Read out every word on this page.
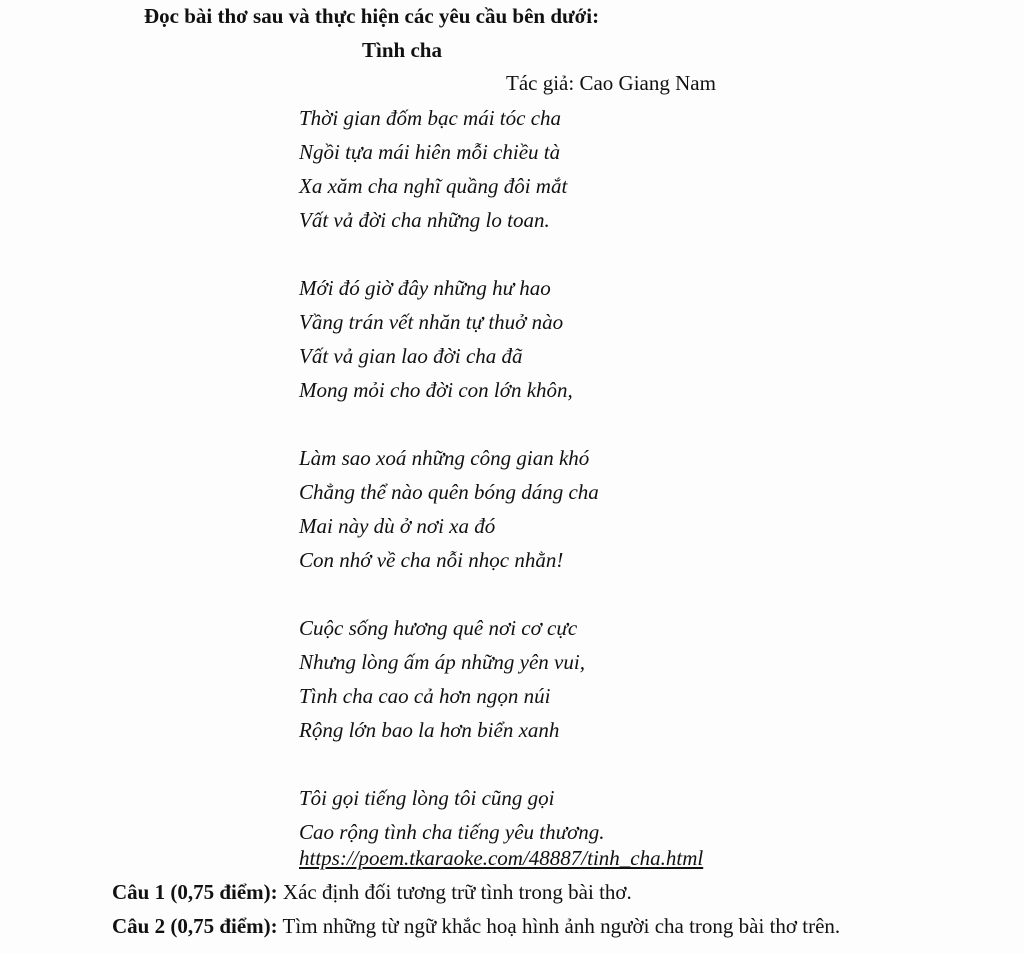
Đọc bài thơ sau và thực hiện các yêu cầu bên dưới:
Tình cha
Tác giả: Cao Giang Nam
Thời gian đốm bạc mái tóc cha
Ngồi tựa mái hiên mỗi chiều tà
Xa xăm cha nghĩ quầng đôi mắt
Vất vả đời cha những lo toan.
Mới đó giờ đây những hư hao
Vầng trán vết nhăn tự thuở nào
Vất vả gian lao đời cha đã
Mong mỏi cho đời con lớn khôn,
Làm sao xoá những công gian khó
Chẳng thể nào quên bóng dáng cha
Mai này dù ở nơi xa đó
Con nhớ về cha nỗi nhọc nhằn!
Cuộc sống hương quê nơi cơ cực
Nhưng lòng ấm áp những yên vui,
Tình cha cao cả hơn ngọn núi
Rộng lớn bao la hơn biển xanh
Tôi gọi tiếng lòng tôi cũng gọi
Cao rộng tình cha tiếng yêu thương.
https://poem.tkaraoke.com/48887/tinh_cha.html
Câu 1 (0,75 điểm): Xác định đối tương trữ tình trong bài thơ.
Câu 2 (0,75 điểm): Tìm những từ ngữ khắc hoạ hình ảnh người cha trong bài thơ trên.
